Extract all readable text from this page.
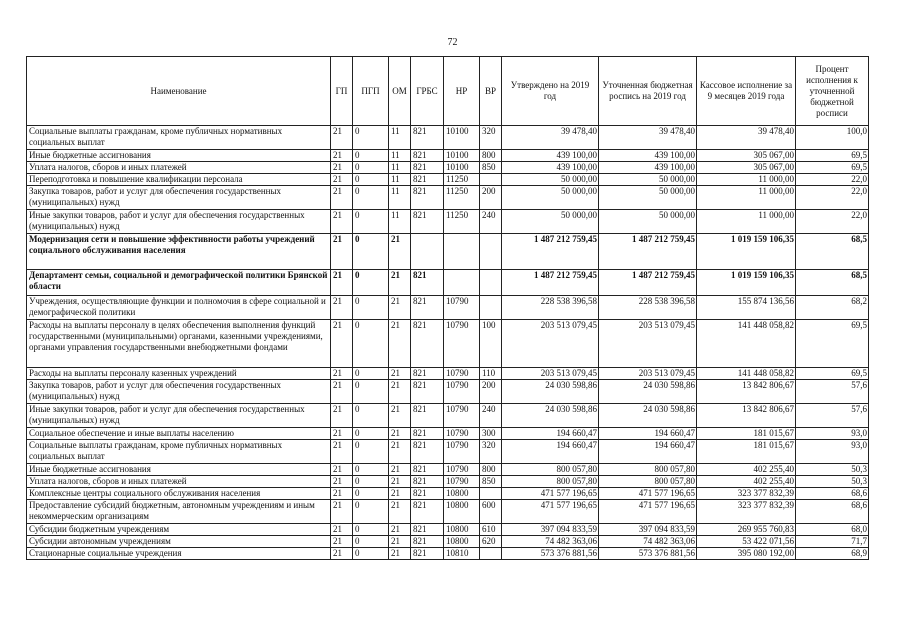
72
Наименование	ГП	ПГП	ОМ	ГРБС	НР	ВР	Утверждено на 2019 год	Уточненная бюджетная роспись на 2019 год	Кассовое исполнение за 9 месяцев 2019 года	Процент исполнения к уточненной бюджетной росписи
Социальные выплаты гражданам, кроме публичных нормативных социальных выплат	21	0	11	821	10100	320	39 478,40	39 478,40	39 478,40	100,0
Иные бюджетные ассигнования	21	0	11	821	10100	800	439 100,00	439 100,00	305 067,00	69,5
Уплата налогов, сборов и иных платежей	21	0	11	821	10100	850	439 100,00	439 100,00	305 067,00	69,5
Переподготовка и повышение квалификации персонала	21	0	11	821	11250		50 000,00	50 000,00	11 000,00	22,0
Закупка товаров, работ и услуг для обеспечения государственных (муниципальных) нужд	21	0	11	821	11250	200	50 000,00	50 000,00	11 000,00	22,0
Иные закупки товаров, работ и услуг для обеспечения государственных (муниципальных) нужд	21	0	11	821	11250	240	50 000,00	50 000,00	11 000,00	22,0
Модернизация сети и повышение эффективности работы учреждений социального обслуживания населения	21	0	21				1 487 212 759,45	1 487 212 759,45	1 019 159 106,35	68,5
Департамент семьи, социальной и демографической политики Брянской области	21	0	21	821			1 487 212 759,45	1 487 212 759,45	1 019 159 106,35	68,5
Учреждения, осуществляющие функции и полномочия в сфере социальной и демографической политики	21	0	21	821	10790		228 538 396,58	228 538 396,58	155 874 136,56	68,2
Расходы на выплаты персоналу в целях обеспечения выполнения функций государственными (муниципальными) органами, казенными учреждениями, органами управления государственными внебюджетными фондами	21	0	21	821	10790	100	203 513 079,45	203 513 079,45	141 448 058,82	69,5
Расходы на выплаты персоналу казенных учреждений	21	0	21	821	10790	110	203 513 079,45	203 513 079,45	141 448 058,82	69,5
Закупка товаров, работ и услуг для обеспечения государственных (муниципальных) нужд	21	0	21	821	10790	200	24 030 598,86	24 030 598,86	13 842 806,67	57,6
Иные закупки товаров, работ и услуг для обеспечения государственных (муниципальных) нужд	21	0	21	821	10790	240	24 030 598,86	24 030 598,86	13 842 806,67	57,6
Социальное обеспечение и иные выплаты населению	21	0	21	821	10790	300	194 660,47	194 660,47	181 015,67	93,0
Социальные выплаты гражданам, кроме публичных нормативных социальных выплат	21	0	21	821	10790	320	194 660,47	194 660,47	181 015,67	93,0
Иные бюджетные ассигнования	21	0	21	821	10790	800	800 057,80	800 057,80	402 255,40	50,3
Уплата налогов, сборов и иных платежей	21	0	21	821	10790	850	800 057,80	800 057,80	402 255,40	50,3
Комплексные центры социального обслуживания населения	21	0	21	821	10800		471 577 196,65	471 577 196,65	323 377 832,39	68,6
Предоставление субсидий бюджетным, автономным учреждениям и иным некоммерческим организациям	21	0	21	821	10800	600	471 577 196,65	471 577 196,65	323 377 832,39	68,6
Субсидии бюджетным учреждениям	21	0	21	821	10800	610	397 094 833,59	397 094 833,59	269 955 760,83	68,0
Субсидии автономным учреждениям	21	0	21	821	10800	620	74 482 363,06	74 482 363,06	53 422 071,56	71,7
Стационарные социальные учреждения	21	0	21	821	10810		573 376 881,56	573 376 881,56	395 080 192,00	68,9
